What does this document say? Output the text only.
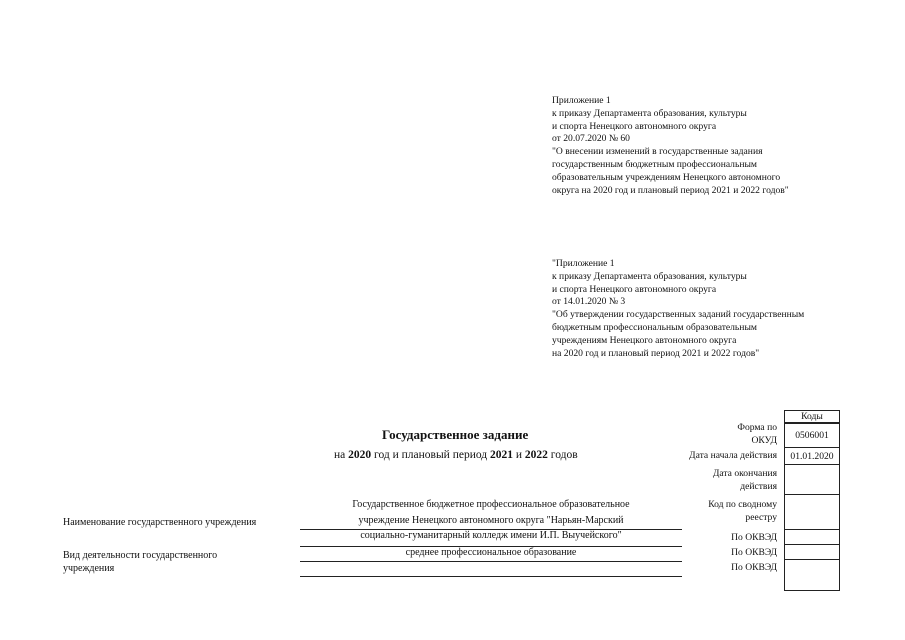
Приложение 1
к приказу Департамента образования, культуры
и спорта Ненецкого автономного округа
от 20.07.2020 № 60
"О внесении изменений в государственные задания
государственным бюджетным профессиональным
образовательным учреждениям Ненецкого автономного
округа на 2020 год и плановый период 2021 и 2022 годов"
"Приложение 1
к приказу Департамента образования, культуры
и спорта Ненецкого автономного округа
от 14.01.2020 № 3
"Об утверждении государственных заданий государственным
бюджетным профессиональным образовательным
учреждениям Ненецкого автономного округа
на 2020 год и плановый период 2021 и 2022 годов"
Государственное задание
на 2020 год и плановый период 2021 и 2022 годов
Коды
Форма по
ОКУД
Дата начала действия
Дата окончания
действия
Код по сводному
реестру
По ОКВЭД
По ОКВЭД
По ОКВЭД
0506001
01.01.2020
Наименование государственного учреждения
Государственное бюджетное профессиональное образовательное
учреждение Ненецкого автономного округа "Нарьян-Марский
социально-гуманитарный колледж имени И.П. Выучейского"
Вид деятельности государственного
учреждения
среднее профессиональное образование
